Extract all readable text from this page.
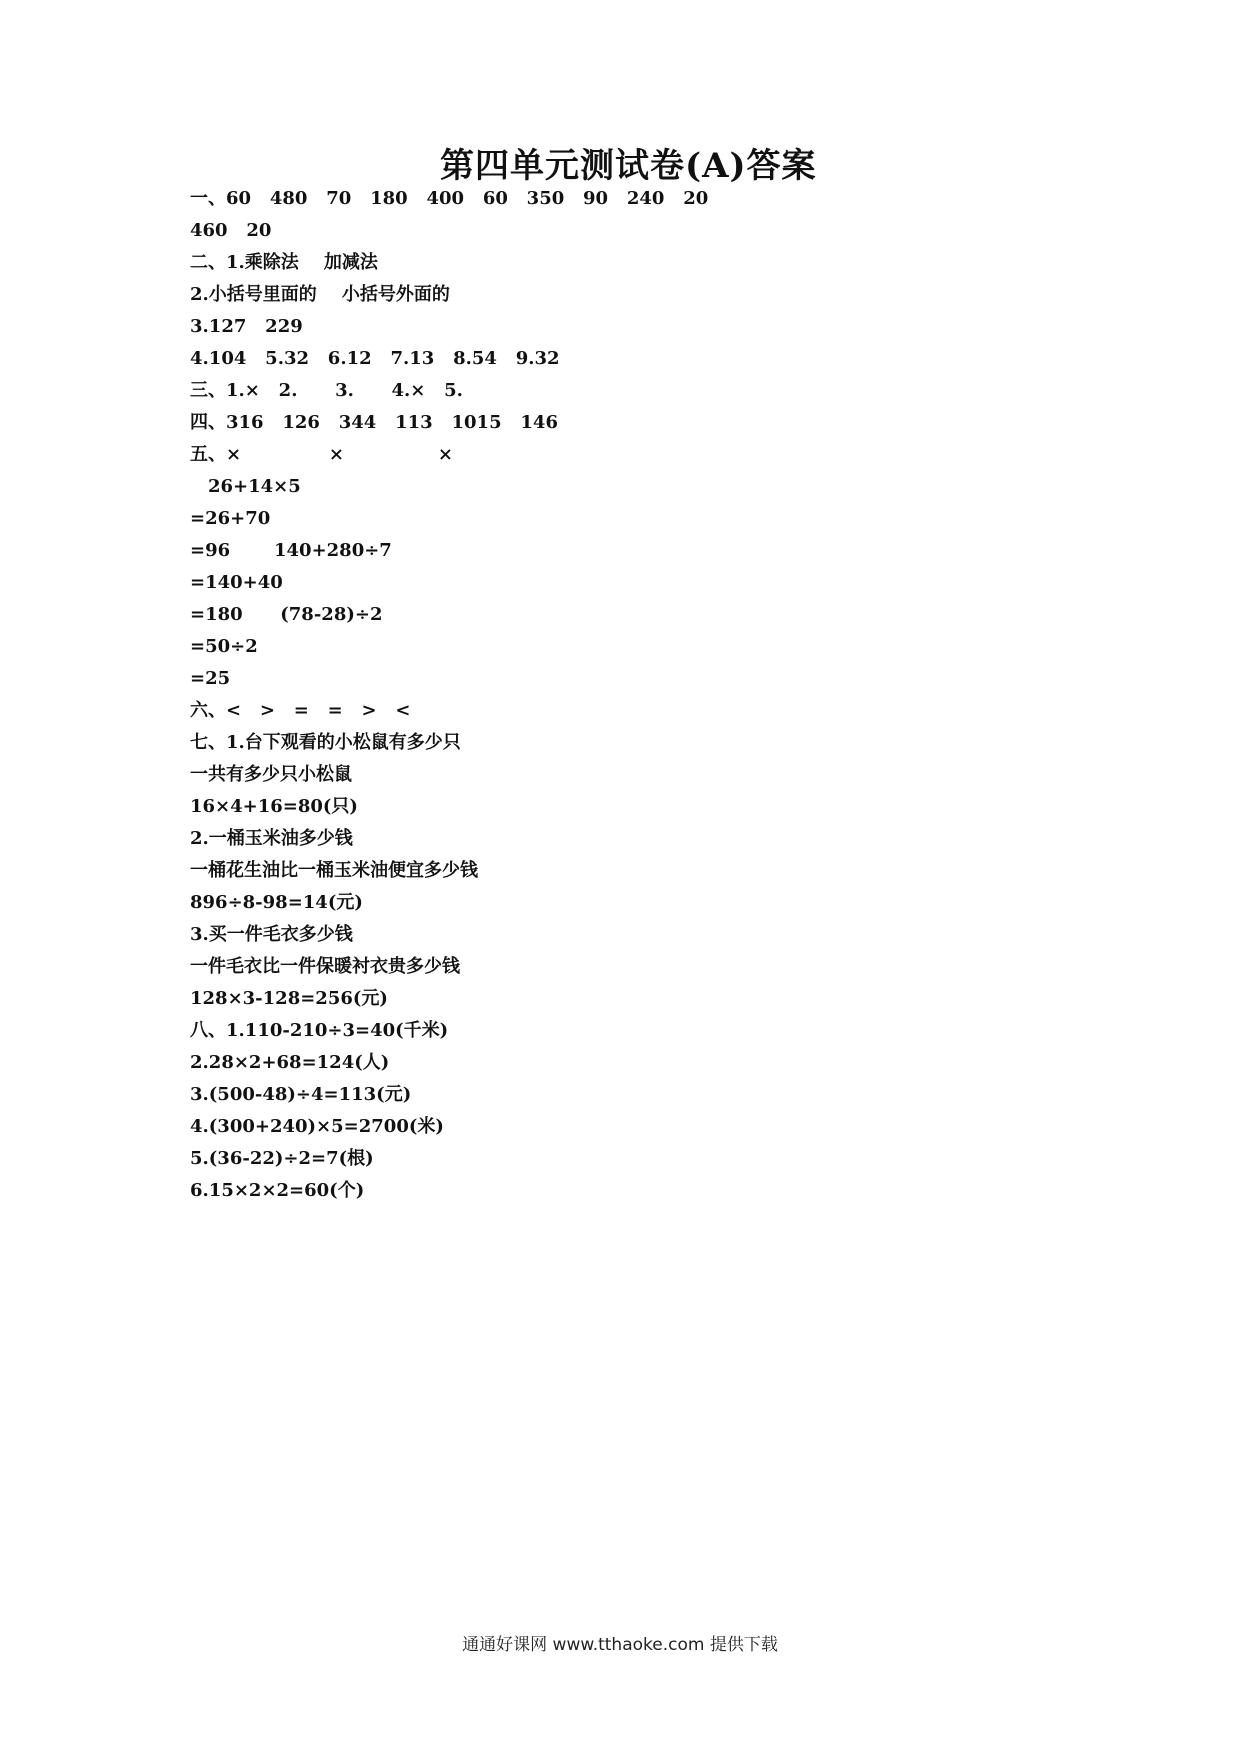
第四单元测试卷(A)答案
一、60   480   70   180   400   60   350   90   240   20
460   20
二、1.乘除法    加减法
2.小括号里面的    小括号外面的
3.127   229
4.104   5.32   6.12   7.13   8.54   9.32
三、1.×   2.      3.      4.×   5.
四、316   126   344   113   1015   146
五、×              ×               ×
26+14×5
=26+70
=96       140+280÷7
=140+40
=180      (78-28)÷2
=50÷2
=25
六、<   >   =   =   >   <
七、1.台下观看的小松鼠有多少只
一共有多少只小松鼠
16×4+16=80(只)
2.一桶玉米油多少钱
一桶花生油比一桶玉米油便宜多少钱
896÷8-98=14(元)
3.买一件毛衣多少钱
一件毛衣比一件保暖衬衣贵多少钱
128×3-128=256(元)
八、1.110-210÷3=40(千米)
2.28×2+68=124(人)
3.(500-48)÷4=113(元)
4.(300+240)×5=2700(米)
5.(36-22)÷2=7(根)
6.15×2×2=60(个)
通通好课网 www.tthaoke.com 提供下载
